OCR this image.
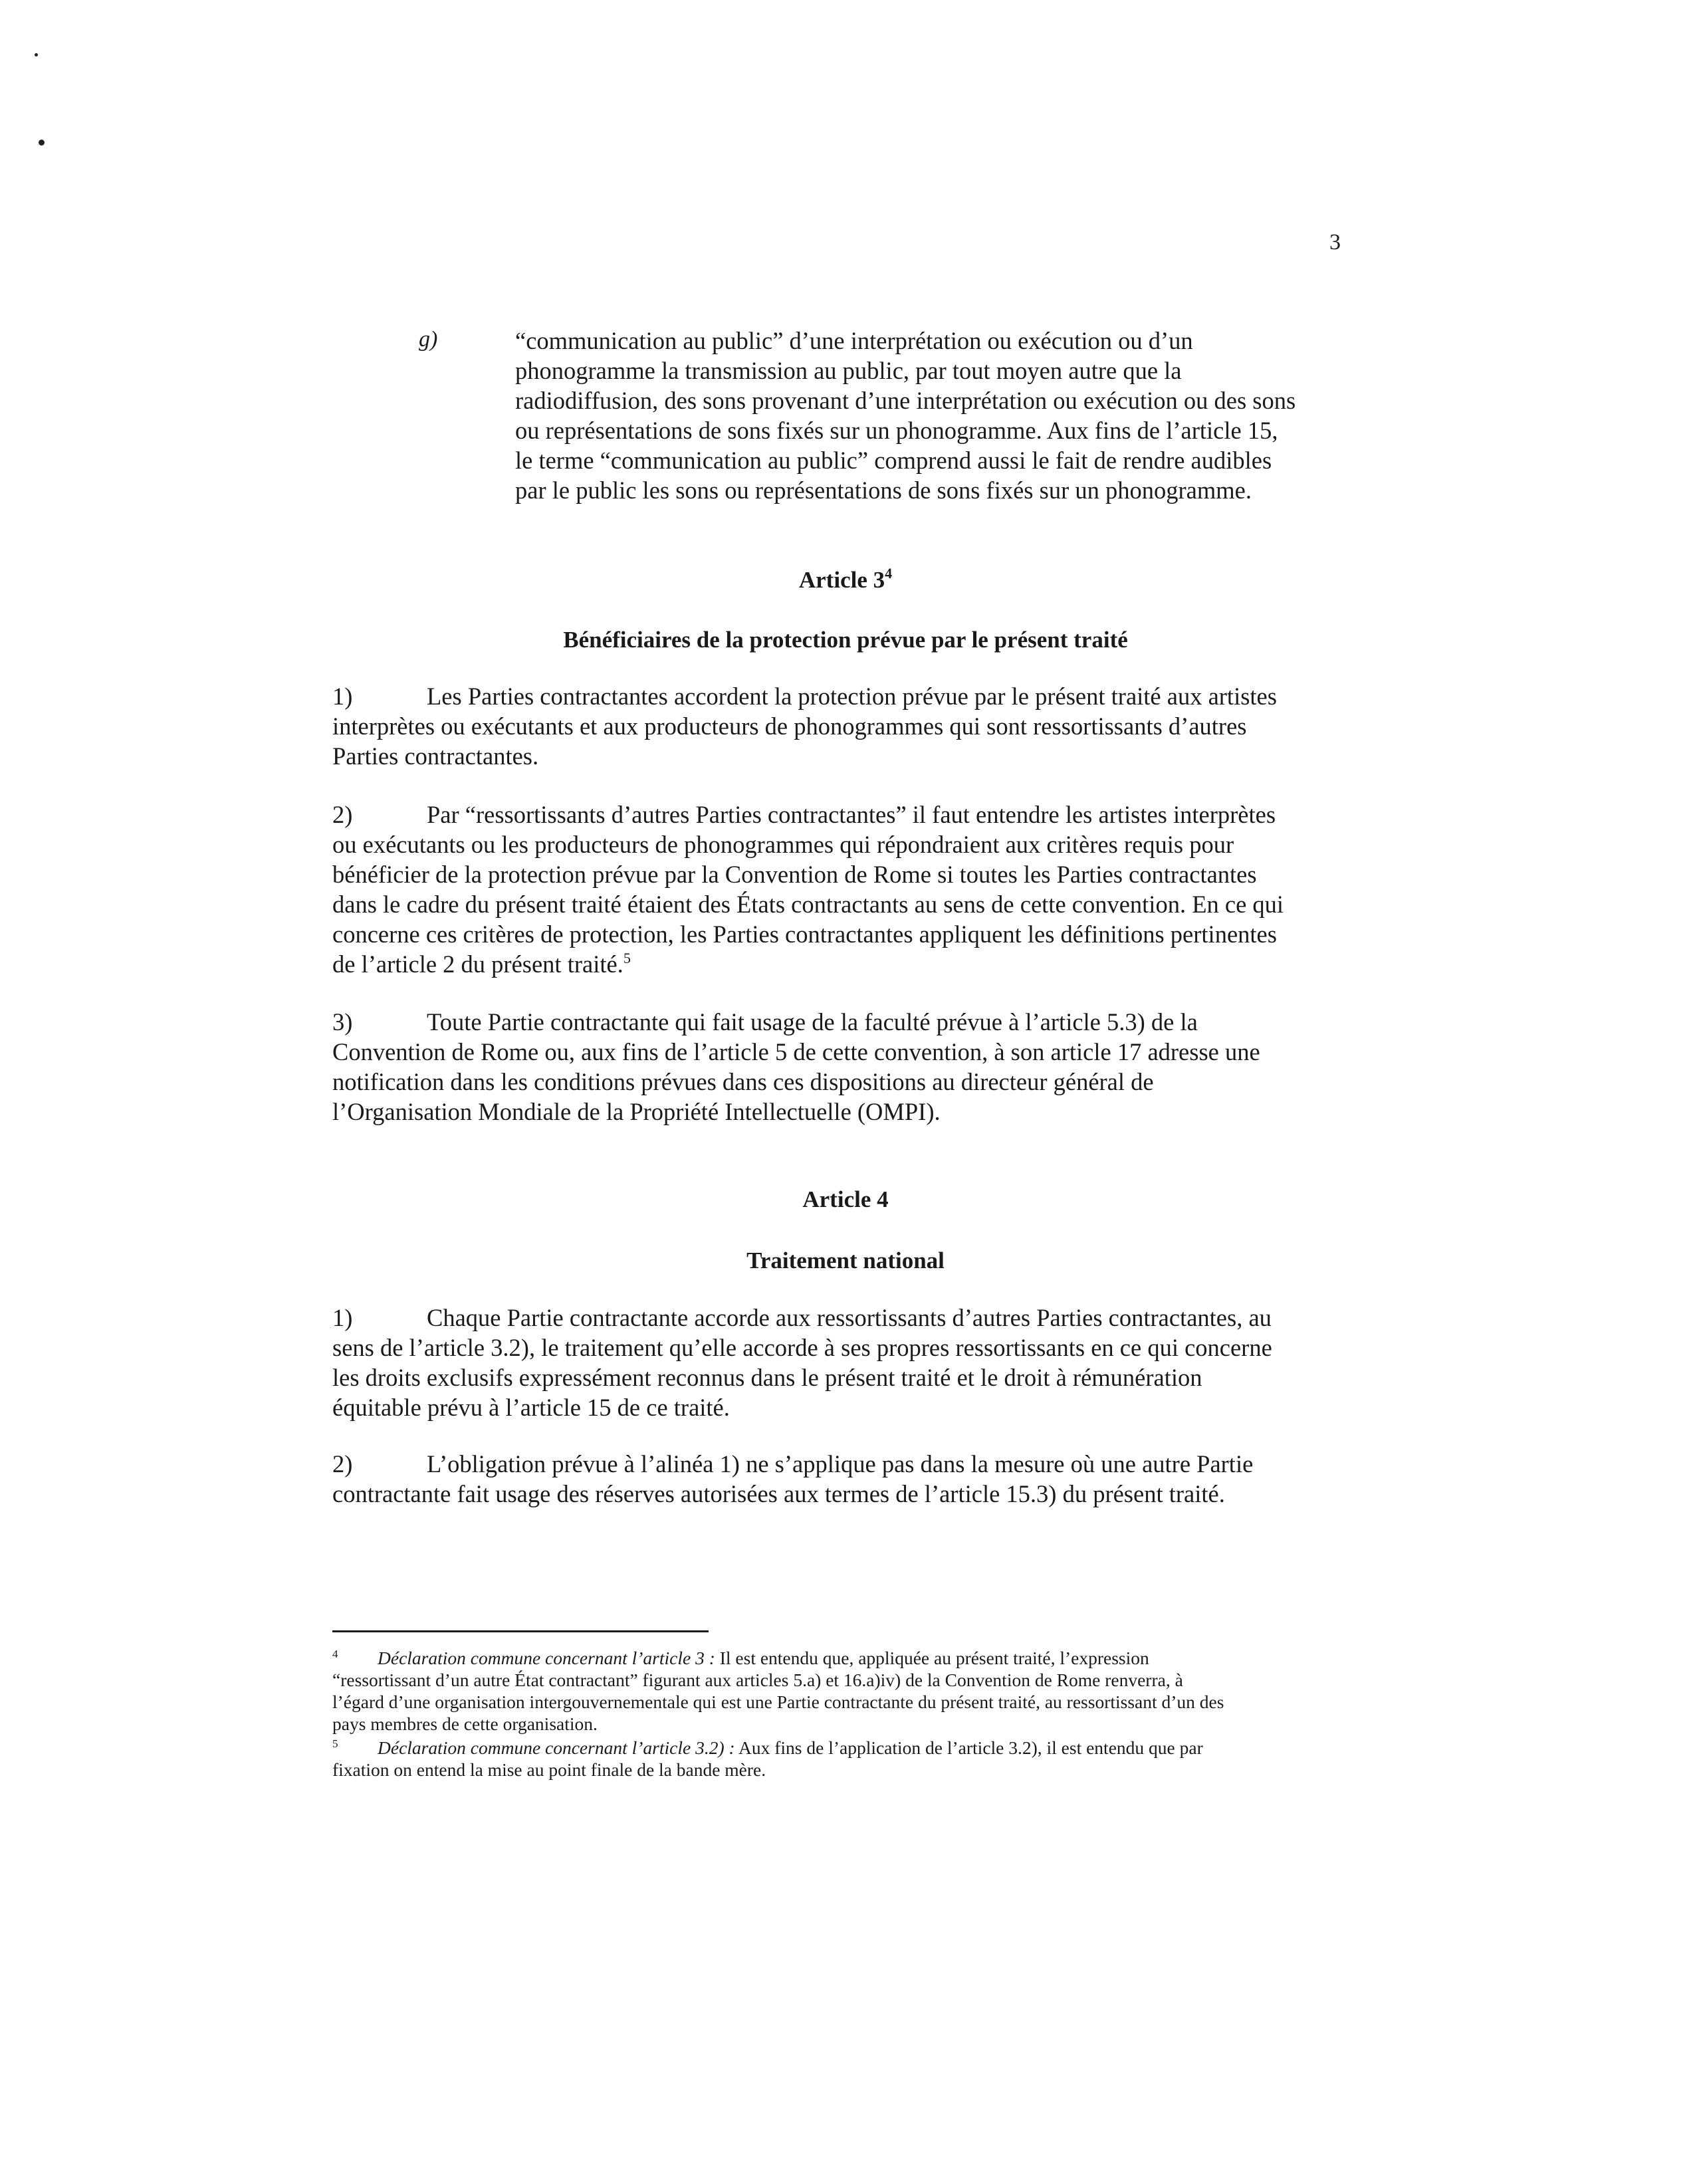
3
g)	“communication au public” d’une interprétation ou exécution ou d’un
phonogramme la transmission au public, par tout moyen autre que la
radiodiffusion, des sons provenant d’une interprétation ou exécution ou des sons
ou représentations de sons fixés sur un phonogramme. Aux fins de l’article 15,
le terme “communication au public” comprend aussi le fait de rendre audibles
par le public les sons ou représentations de sons fixés sur un phonogramme.
Article $3^4$
Bénéficiaires de la protection prévue par le présent traité
1)	Les Parties contractantes accordent la protection prévue par le présent traité aux artistes
interprètes ou exécutants et aux producteurs de phonogrammes qui sont ressortissants d’autres
Parties contractantes.
2)	Par “ressortissants d’autres Parties contractantes” il faut entendre les artistes interprètes
ou exécutants ou les producteurs de phonogrammes qui répondraient aux critères requis pour
bénéficier de la protection prévue par la Convention de Rome si toutes les Parties contractantes
dans le cadre du présent traité étaient des États contractants au sens de cette convention. En ce qui
concerne ces critères de protection, les Parties contractantes appliquent les définitions pertinentes
de l’article 2 du présent traité.$^5$
3)	Toute Partie contractante qui fait usage de la faculté prévue à l’article 5.3) de la
Convention de Rome ou, aux fins de l’article 5 de cette convention, à son article 17 adresse une
notification dans les conditions prévues dans ces dispositions au directeur général de
l’Organisation Mondiale de la Propriété Intellectuelle (OMPI).
Article 4
Traitement national
1)	Chaque Partie contractante accorde aux ressortissants d’autres Parties contractantes, au
sens de l’article 3.2), le traitement qu’elle accorde à ses propres ressortissants en ce qui concerne
les droits exclusifs expressément reconnus dans le présent traité et le droit à rémunération
équitable prévu à l’article 15 de ce traité.
2)	L’obligation prévue à l’alinéa 1) ne s’applique pas dans la mesure où une autre Partie
contractante fait usage des réserves autorisées aux termes de l’article 15.3) du présent traité.
4	Déclaration commune concernant l’article 3 : Il est entendu que, appliquée au présent traité, l’expression
“ressortissant d’un autre État contractant” figurant aux articles 5.a) et 16.a)iv) de la Convention de Rome renverra, à
l’égard d’une organisation intergouvernementale qui est une Partie contractante du présent traité, au ressortissant d’un des
pays membres de cette organisation.
5	Déclaration commune concernant l’article 3.2) : Aux fins de l’application de l’article 3.2), il est entendu que par
fixation on entend la mise au point finale de la bande mère.
